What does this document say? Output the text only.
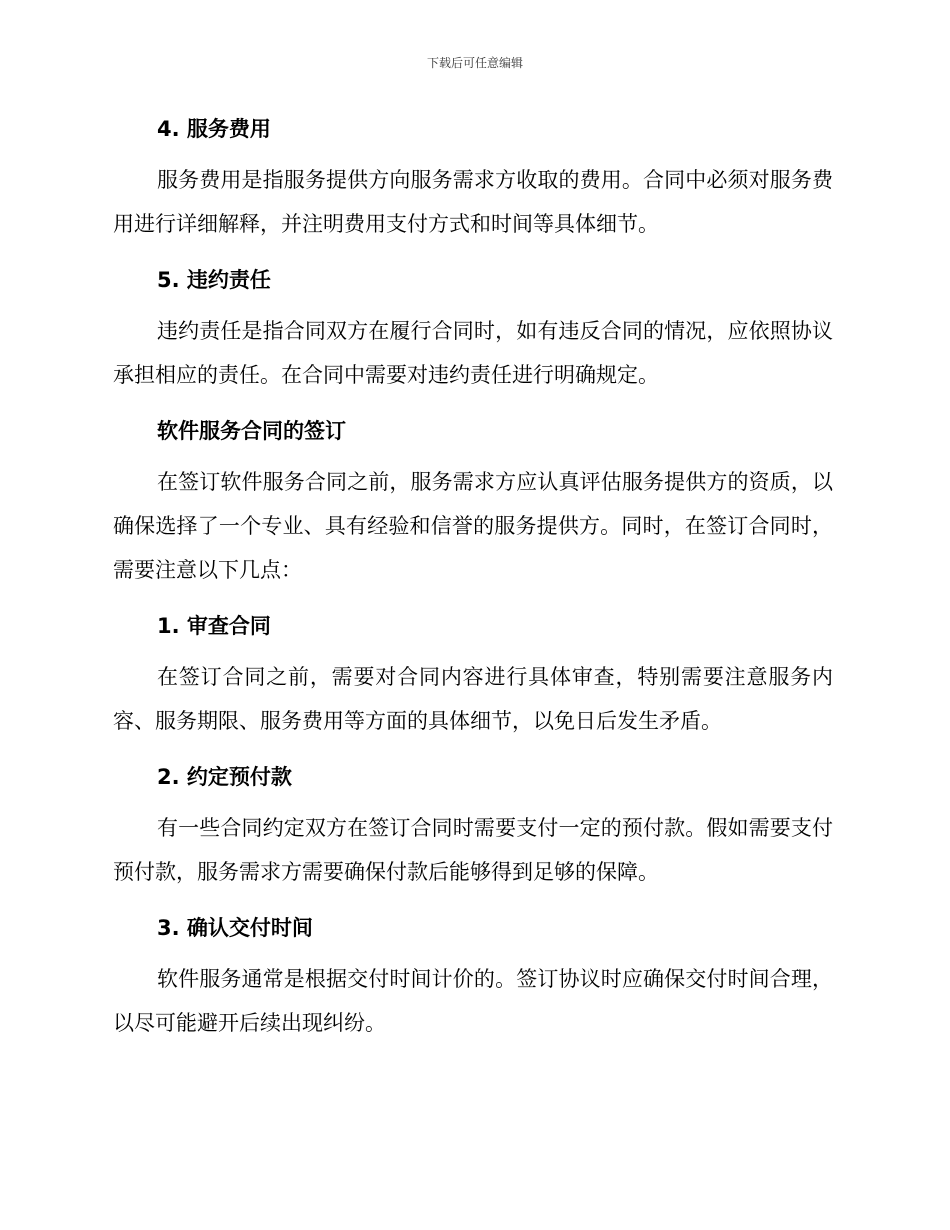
下载后可任意编辑
4. 服务费用

服务费用是指服务提供方向服务需求方收取的费用。合同中必须对服务费用进行详细解释，并注明费用支付方式和时间等具体细节。

5. 违约责任

违约责任是指合同双方在履行合同时，如有违反合同的情况，应依照协议承担相应的责任。在合同中需要对违约责任进行明确规定。

软件服务合同的签订

在签订软件服务合同之前，服务需求方应认真评估服务提供方的资质，以确保选择了一个专业、具有经验和信誉的服务提供方。同时，在签订合同时，需要注意以下几点：

1. 审查合同

在签订合同之前，需要对合同内容进行具体审查，特别需要注意服务内容、服务期限、服务费用等方面的具体细节，以免日后发生矛盾。

2. 约定预付款

有一些合同约定双方在签订合同时需要支付一定的预付款。假如需要支付预付款，服务需求方需要确保付款后能够得到足够的保障。

3. 确认交付时间

软件服务通常是根据交付时间计价的。签订协议时应确保交付时间合理，以尽可能避开后续出现纠纷。
